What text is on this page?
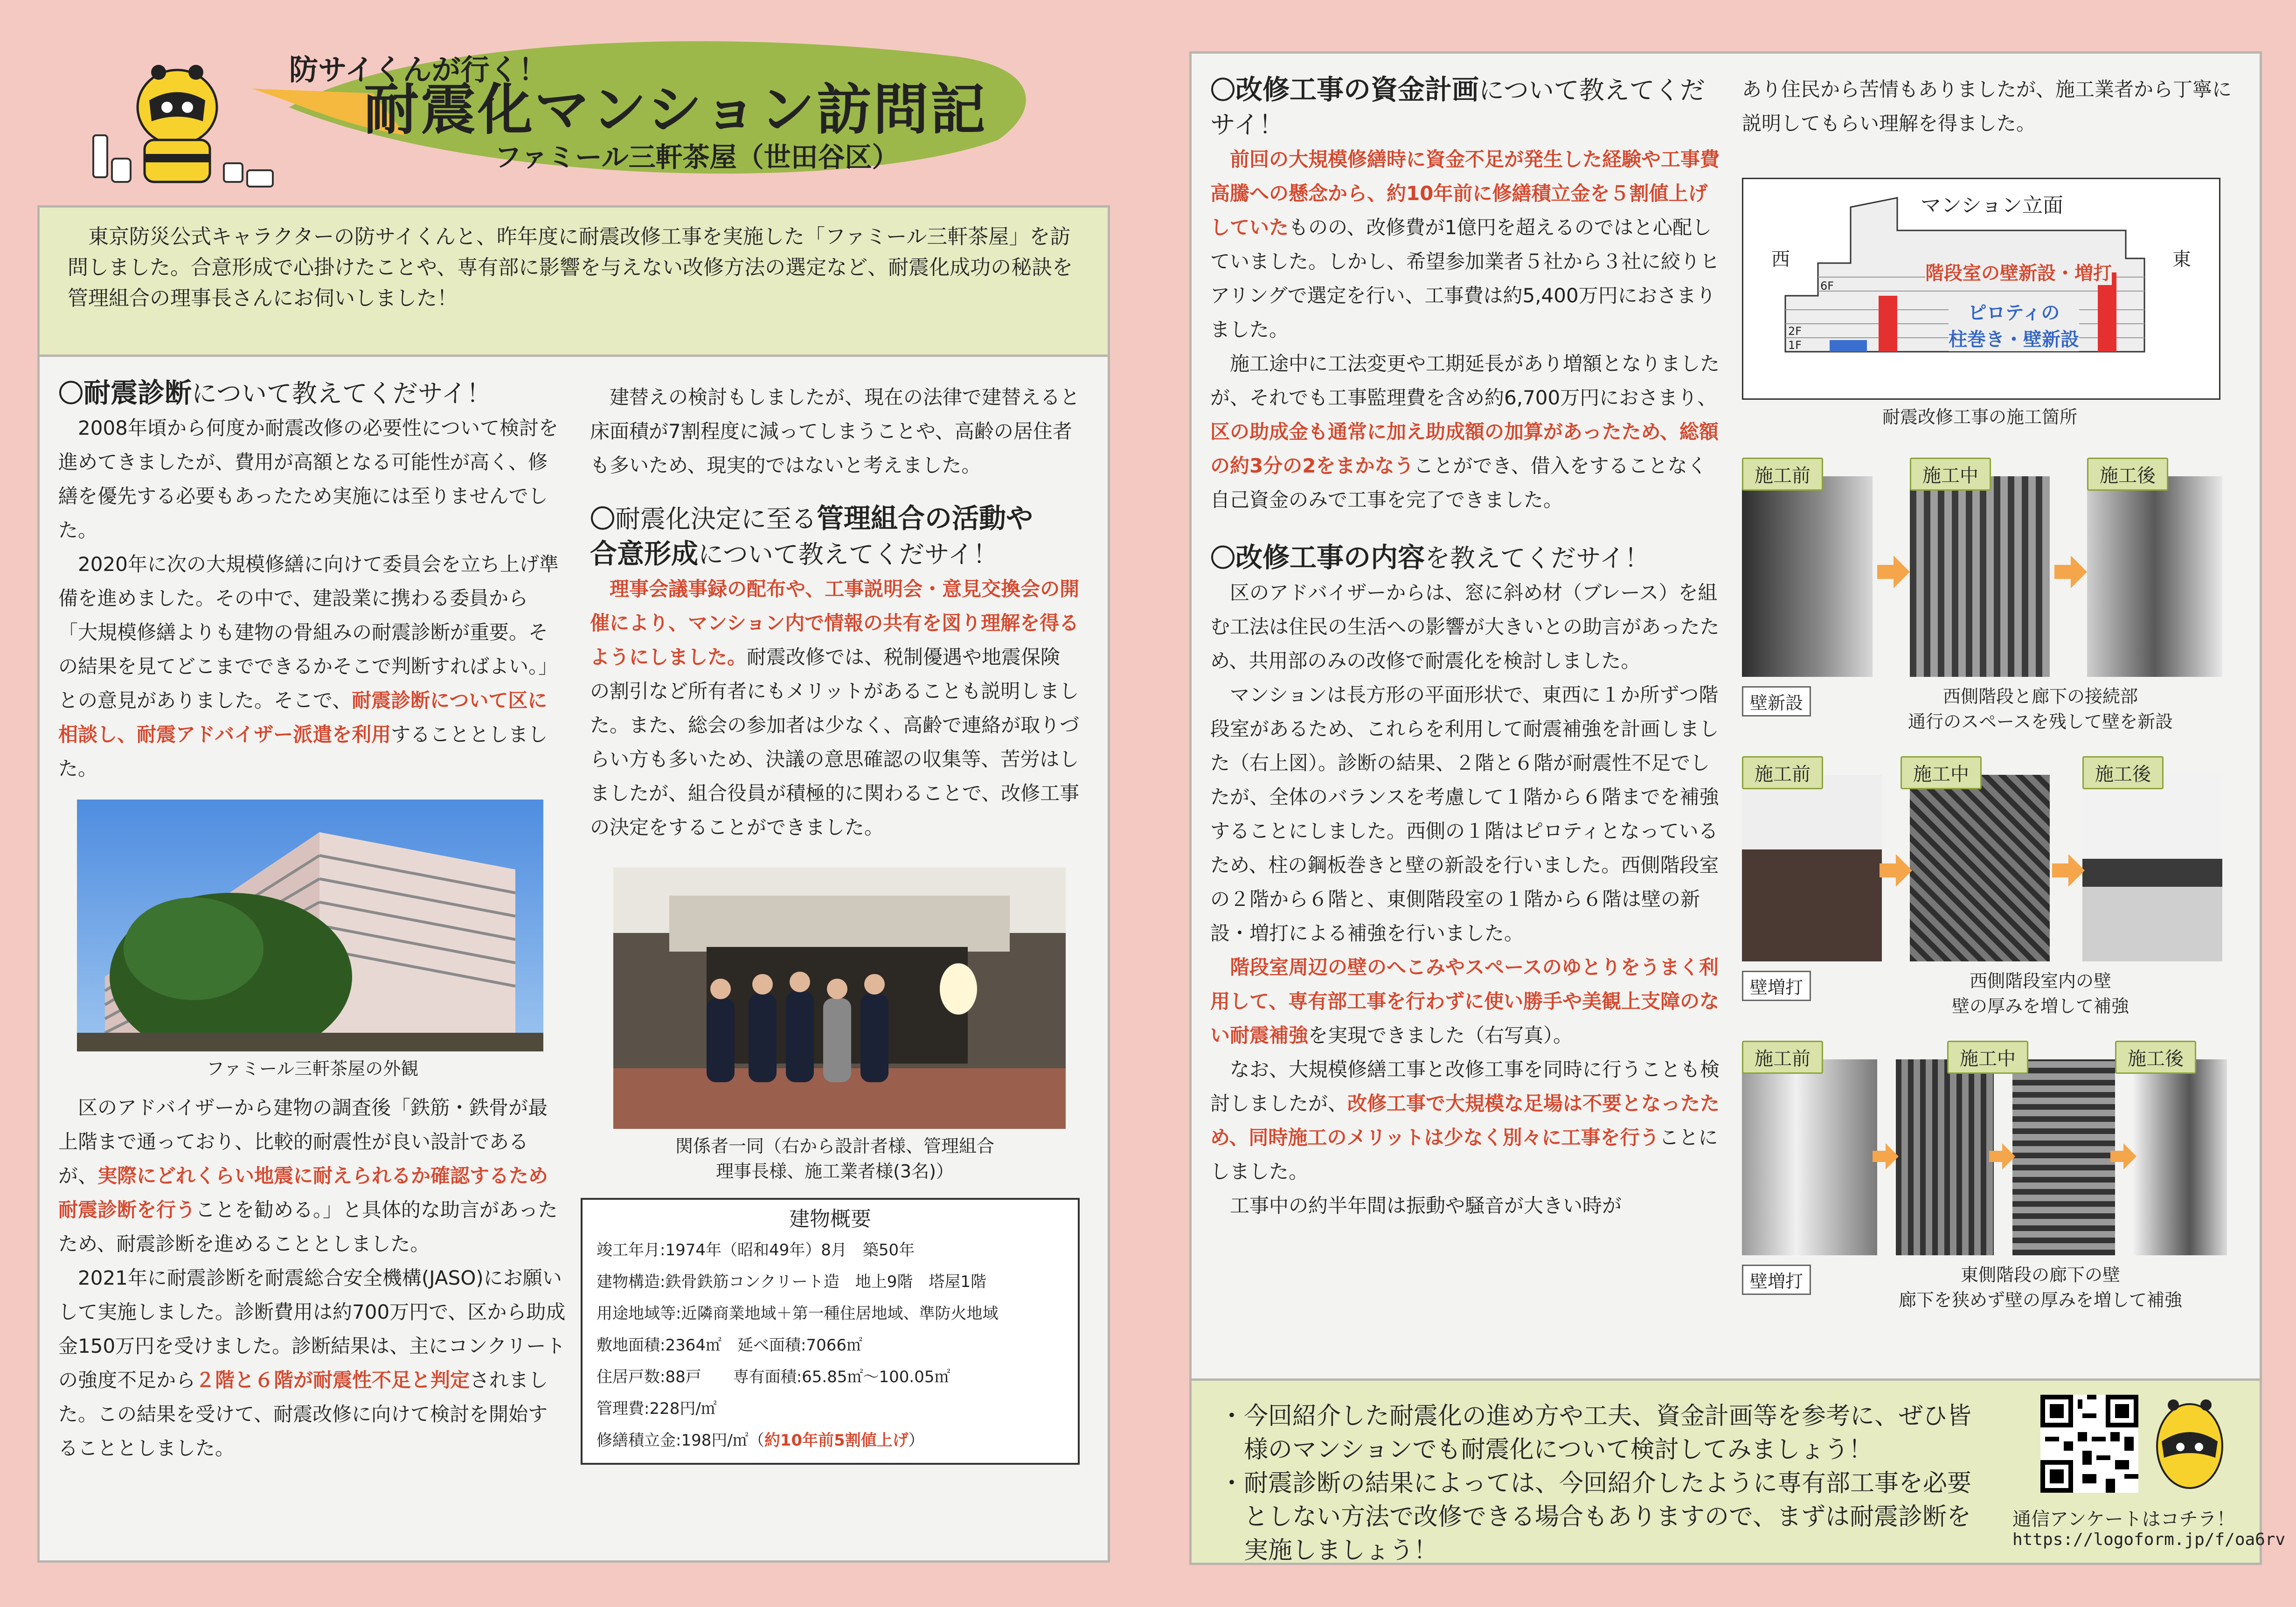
防サイくんが行く！
耐震化マンション訪問記
ファミール三軒茶屋（世田谷区）
東京防災公式キャラクターの防サイくんと、昨年度に耐震改修工事を実施した「ファミール三軒茶屋」を訪問しました。合意形成で心掛けたことや、専有部に影響を与えない改修方法の選定など、耐震化成功の秘訣を管理組合の理事長さんにお伺いしました！
〇耐震診断について教えてくだサイ！
2008年頃から何度か耐震改修の必要性について検討を進めてきましたが、費用が高額となる可能性が高く、修繕を優先する必要もあったため実施には至りませんでした。
2020年に次の大規模修繕に向けて委員会を立ち上げ準備を進めました。その中で、建設業に携わる委員から「大規模修繕よりも建物の骨組みの耐震診断が重要。その結果を見てどこまでできるかそこで判断すればよい。」との意見がありました。そこで、耐震診断について区に相談し、耐震アドバイザー派遣を利用することとしました。
ファミール三軒茶屋の外観
区のアドバイザーから建物の調査後「鉄筋・鉄骨が最上階まで通っており、比較的耐震性が良い設計であるが、実際にどれくらい地震に耐えられるか確認するため耐震診断を行うことを勧める。」と具体的な助言があったため、耐震診断を進めることとしました。
2021年に耐震診断を耐震総合安全機構(JASO)にお願いして実施しました。診断費用は約700万円で、区から助成金150万円を受けました。診断結果は、主にコンクリートの強度不足から２階と６階が耐震性不足と判定されました。この結果を受けて、耐震改修に向けて検討を開始することとしました。
建替えの検討もしましたが、現在の法律で建替えると床面積が7割程度に減ってしまうことや、高齢の居住者も多いため、現実的ではないと考えました。
〇耐震化決定に至る管理組合の活動や
合意形成について教えてくだサイ！
理事会議事録の配布や、工事説明会・意見交換会の開催により、マンション内で情報の共有を図り理解を得るようにしました。耐震改修では、税制優遇や地震保険の割引など所有者にもメリットがあることも説明しました。また、総会の参加者は少なく、高齢で連絡が取りづらい方も多いため、決議の意思確認の収集等、苦労はしましたが、組合役員が積極的に関わることで、改修工事の決定をすることができました。
関係者一同（右から設計者様、管理組合
理事長様、施工業者様(3名)）
建物概要
竣工年月:1974年（昭和49年）8月　築50年
建物構造:鉄骨鉄筋コンクリート造　地上9階　塔屋1階
用途地域等:近隣商業地域＋第一種住居地域、準防火地域
敷地面積:2364㎡　延べ面積:7066㎡
住居戸数:88戸　　専有面積:65.85㎡〜100.05㎡
管理費:228円/㎡
修繕積立金:198円/㎡（約10年前5割値上げ）
〇改修工事の資金計画について教えてくだサイ！
前回の大規模修繕時に資金不足が発生した経験や工事費高騰への懸念から、約10年前に修繕積立金を５割値上げしていたものの、改修費が1億円を超えるのではと心配していました。しかし、希望参加業者５社から３社に絞りヒアリングで選定を行い、工事費は約5,400万円におさまりました。
施工途中に工法変更や工期延長があり増額となりましたが、それでも工事監理費を含め約6,700万円におさまり、区の助成金も通常に加え助成額の加算があったため、総額の約3分の2をまかなうことができ、借入をすることなく自己資金のみで工事を完了できました。
〇改修工事の内容を教えてくだサイ！
区のアドバイザーからは、窓に斜め材（ブレース）を組む工法は住民の生活への影響が大きいとの助言があったため、共用部のみの改修で耐震化を検討しました。
マンションは長方形の平面形状で、東西に１か所ずつ階段室があるため、これらを利用して耐震補強を計画しました（右上図）。診断の結果、２階と６階が耐震性不足でしたが、全体のバランスを考慮して１階から６階までを補強することにしました。西側の１階はピロティとなっているため、柱の鋼板巻きと壁の新設を行いました。西側階段室の２階から６階と、東側階段室の１階から６階は壁の新設・増打による補強を行いました。
階段室周辺の壁のへこみやスペースのゆとりをうまく利用して、専有部工事を行わずに使い勝手や美観上支障のない耐震補強を実現できました（右写真）。
なお、大規模修繕工事と改修工事を同時に行うことも検討しましたが、改修工事で大規模な足場は不要となったため、同時施工のメリットは少なく別々に工事を行うことにしました。
工事中の約半年間は振動や騒音が大きい時が
あり住民から苦情もありましたが、施工業者から丁寧に説明してもらい理解を得ました。
マンション立面
西	東
6F
2F
1F
階段室の壁新設・増打
ピロティの
柱巻き・壁新設
耐震改修工事の施工箇所
施工前	施工中	施工後
壁新設	西側階段と廊下の接続部
通行のスペースを残して壁を新設
施工前	施工中	施工後
壁増打	西側階段室内の壁
壁の厚みを増して補強
施工前	施工中	施工後
壁増打	東側階段の廊下の壁
廊下を狭めず壁の厚みを増して補強
・今回紹介した耐震化の進め方や工夫、資金計画等を参考に、ぜひ皆様のマンションでも耐震化について検討してみましょう！
・耐震診断の結果によっては、今回紹介したように専有部工事を必要としない方法で改修できる場合もありますので、まずは耐震診断を実施しましょう！
通信アンケートはコチラ！
https://logoform.jp/f/oa6rv
